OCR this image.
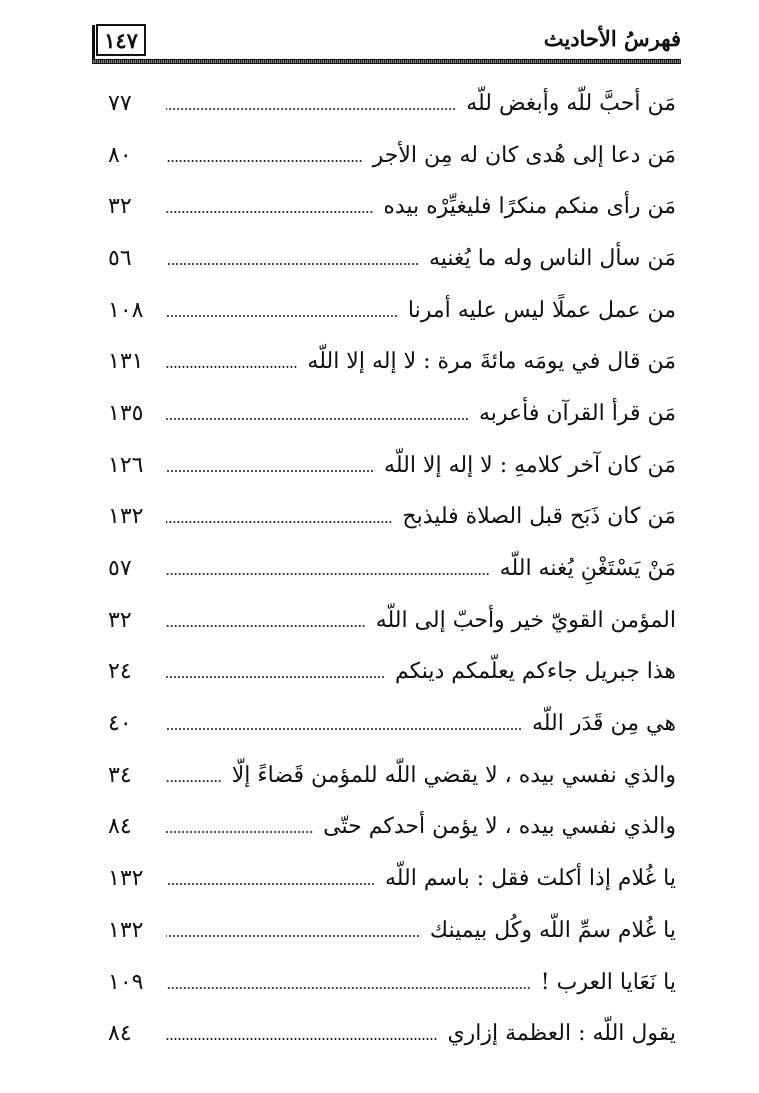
١٤٧	فهرسُ الأحاديث
مَن أحبَّ للّه وأبغض للّه
٧٧
مَن دعا إلى هُدى كان له مِن الأجر
٨٠
مَن رأى منكم منكرًا فليغيِّرْه بيده
٣٢
مَن سأل الناس وله ما يُغنيه
٥٦
من عمل عملًا ليس عليه أمرنا
١٠٨
مَن قال في يومَه مائةَ مرة : لا إله إلا اللّه
١٣١
مَن قرأ القرآن فأعربه
١٣٥
مَن كان آخر كلامهِ : لا إله إلا اللّه
١٢٦
مَن كان ذَبَح قبل الصلاة فليذبح
١٣٢
مَنْ يَسْتَغْنِ يُغنه اللّه
٥٧
المؤمن القويّ خير وأحبّ إلى اللّه
٣٢
هذا جبريل جاءكم يعلّمكم دينكم
٢٤
هي مِن قَدَر اللّه
٤٠
والذي نفسي بيده ، لا يقضي اللّه للمؤمن قَضاءً إلّا
٣٤
والذي نفسي بيده ، لا يؤمن أحدكم حتّى
٨٤
يا غُلام إذا أكلت فقل : باسم اللّه
١٣٢
يا غُلام سمِّ اللّه وكُل بيمينك
١٣٢
يا نَعَايا العرب !
١٠٩
يقول اللّه : العظمة إزاري
٨٤
